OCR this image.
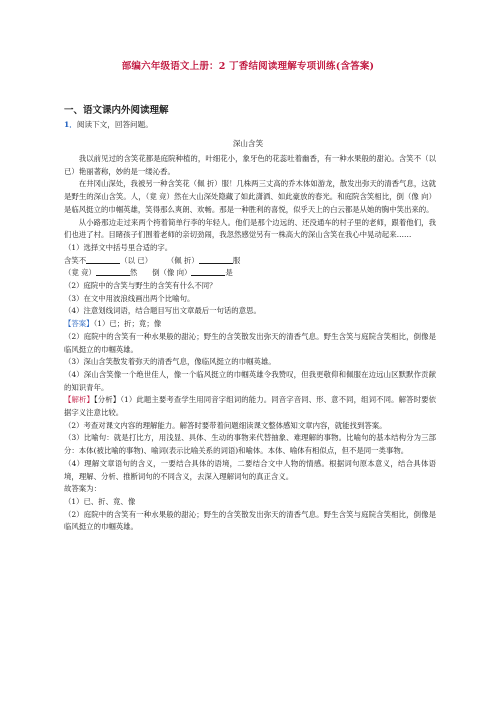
部编六年级语文上册：2 丁香结阅读理解专项训练(含答案)
一、语文课内外阅读理解
1．阅读下文，回答问题。
深山含笑

我以前见过的含笑花都是庭院种植的，叶细花小，象牙色的花蕊吐着幽香，有一种水果般的甜沁。含笑不（以 已）艳丽著称，妙的是一缕沁香。

在井冈山深处，我被另一种含笑花（佩 折）服！几株两三丈高的乔木体如游龙，散发出弥天的清香气息，这就是野生的深山含笑。人，（竟 竞）然在大山深处隐藏了如此潇洒、如此豪放的春光。和庭院含笑相比，倒（像 向）是临风挺立的巾帼英雄，笑得那么爽朗、欢畅。那是一种胜利的喜悦，似乎天上的白云都是从她的胸中笑出来的。

从小路那边走过来两个挎着简单行李的年轻人。他们是那个边远的、还没通车的村子里的老师，跟着他们，我们也进了村。目睹孩子们围着老师的亲切劲闹，我忽然感觉另有一株高大的深山含笑在我心中晃动起来……

（1）选择文中括号里合适的字。

含笑不	（以 已）   （佩 折）	服

（竟 竞）	然   倒（像 向）	是

（2）庭院中的含笑与野生的含笑有什么不同？

（3）在文中用波浪线画出两个比喻句。

（4）注意划线词语，结合题目写出文章最后一句话的意思。

【答案】（1）已；折；竟；像

（2）庭院中的含笑有一种水果般的甜沁；野生的含笑散发出弥天的清香气息。野生含笑与庭院含笑相比，倒像是临风挺立的巾帼英雄。

（3）深山含笑散发着弥天的清香气息，像临风挺立的巾帼英雄。

（4）深山含笑像一个绝世佳人，像一个临风挺立的巾帼英雄令我赞叹，但我更敬仰和佩服在边远山区默默作贡献的知识青年。

【解析】【分析】（1）此题主要考查学生用同音字组词的能力。同音字音同、形、意不同，组词不同。解答时要依据字义注意比较。

（2）考查对课文内容的理解能力。解答时要带着问题细读课文整体感知文章内容，就能找到答案。

（3）比喻句：就是打比方，用浅显、具体、生动的事物来代替抽象、难理解的事物。比喻句的基本结构分为三部分：本体(被比喻的事物)、喻词(表示比喻关系的词语)和喻体。本体、喻体有相似点，但不是同一类事物。

（4）理解文章语句的含义，一要结合具体的语境，二要结合文中人物的情感。根据词句原本意义，结合具体语境，理解、分析、推断词句的不同含义，去深入理解词句的真正含义。

故答案为：

（1）已、折、竟、像

（2）庭院中的含笑有一种水果般的甜沁；野生的含笑散发出弥天的清香气息。野生含笑与庭院含笑相比，倒像是临风挺立的巾帼英雄。
